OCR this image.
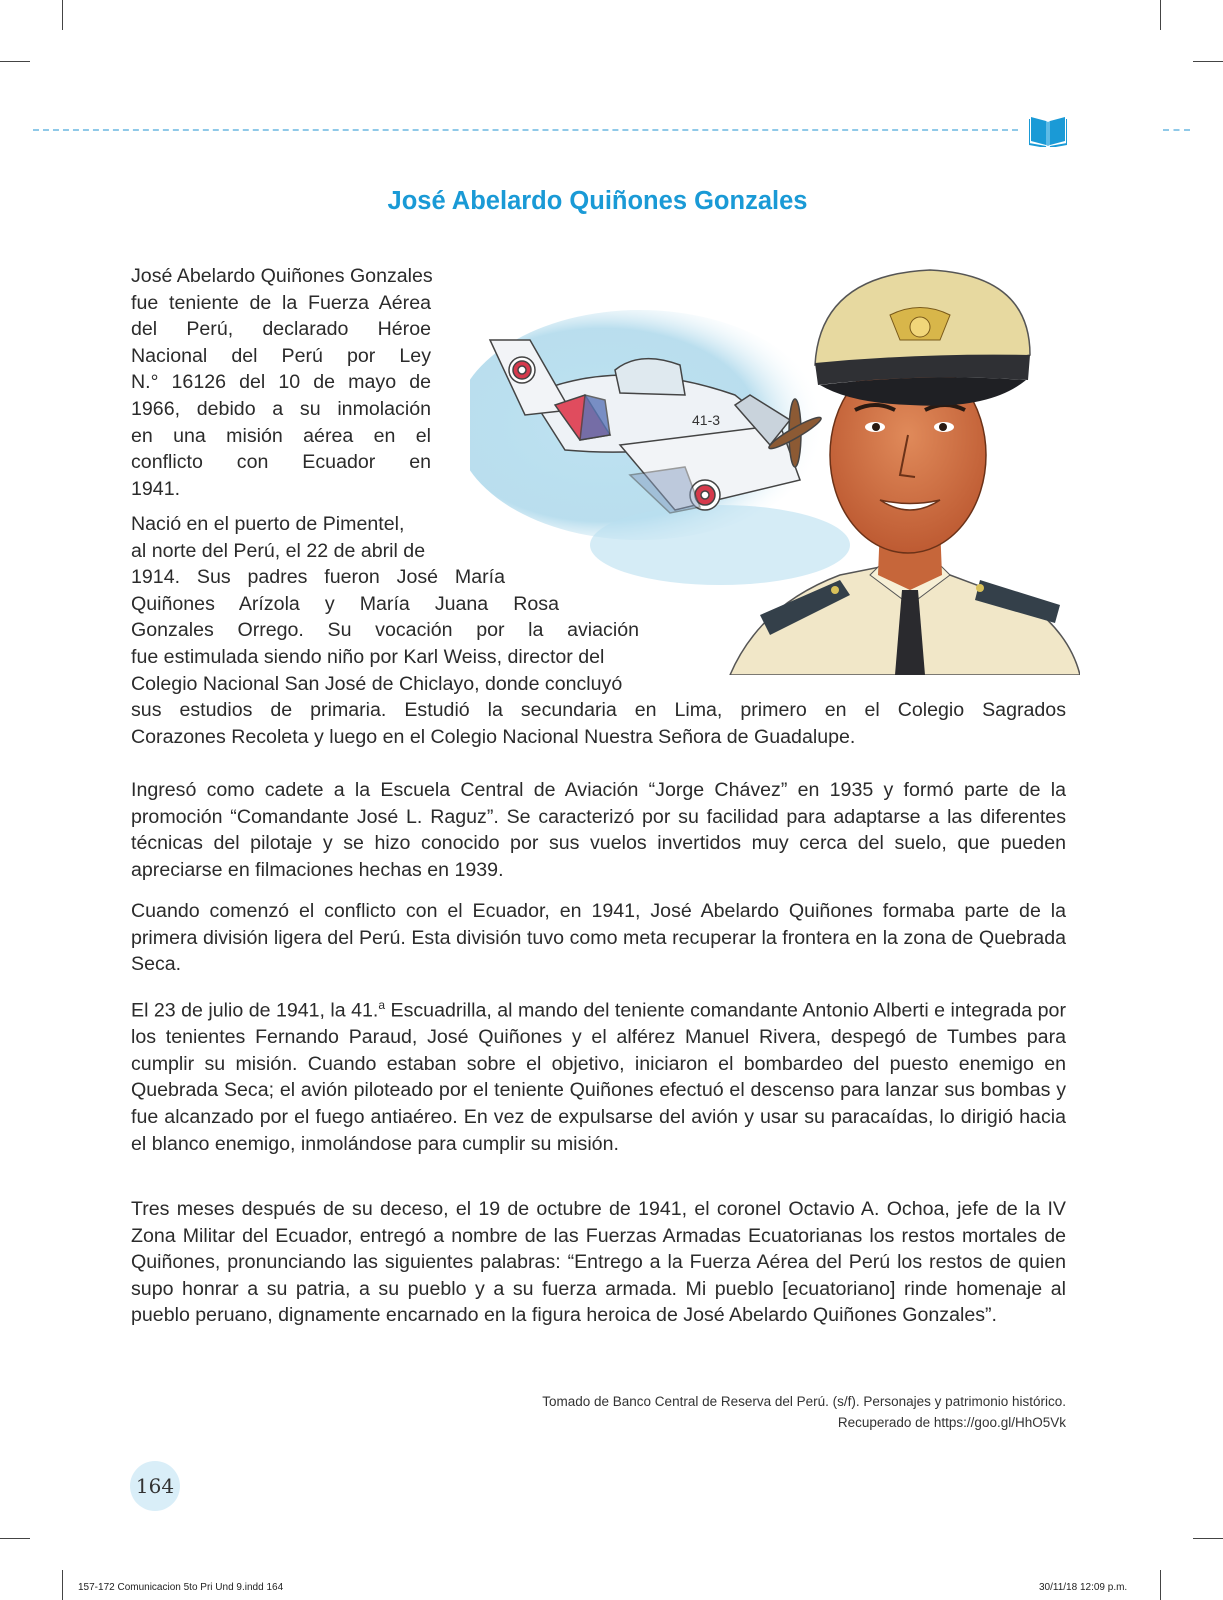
José Abelardo Quiñones Gonzales
41-3
José Abelardo Quiñones Gonzales
fue teniente de la Fuerza Aérea
del Perú, declarado Héroe
Nacional del Perú por Ley
N.° 16126 del 10 de mayo de
1966, debido a su inmolación
en una misión aérea en el
conflicto con Ecuador en
1941.
Nació en el puerto de Pimentel,
al norte del Perú, el 22 de abril de
1914. Sus padres fueron José María
Quiñones Arízola y María Juana Rosa
Gonzales Orrego. Su vocación por la aviación
fue estimulada siendo niño por Karl Weiss, director del
Colegio Nacional San José de Chiclayo, donde concluyó
sus estudios de primaria. Estudió la secundaria en Lima, primero en el Colegio Sagrados
Corazones Recoleta y luego en el Colegio Nacional Nuestra Señora de Guadalupe.

Ingresó como cadete a la Escuela Central de Aviación “Jorge Chávez” en 1935 y formó parte de la promoción “Comandante José L. Raguz”. Se caracterizó por su facilidad para adaptarse a las diferentes técnicas del pilotaje y se hizo conocido por sus vuelos invertidos muy cerca del suelo, que pueden apreciarse en filmaciones hechas en 1939.

Cuando comenzó el conflicto con el Ecuador, en 1941, José Abelardo Quiñones formaba parte de la primera división ligera del Perú. Esta división tuvo como meta recuperar la frontera en la zona de Quebrada Seca.

El 23 de julio de 1941, la 41.$^a$ Escuadrilla, al mando del teniente comandante Antonio Alberti e integrada por los tenientes Fernando Paraud, José Quiñones y el alférez Manuel Rivera, despegó de Tumbes para cumplir su misión. Cuando estaban sobre el objetivo, iniciaron el bombardeo del puesto enemigo en Quebrada Seca; el avión piloteado por el teniente Quiñones efectuó el descenso para lanzar sus bombas y fue alcanzado por el fuego antiaéreo. En vez de expulsarse del avión y usar su paracaídas, lo dirigió hacia el blanco enemigo, inmolándose para cumplir su misión.

Tres meses después de su deceso, el 19 de octubre de 1941, el coronel Octavio A. Ochoa, jefe de la IV Zona Militar del Ecuador, entregó a nombre de las Fuerzas Armadas Ecuatorianas los restos mortales de Quiñones, pronunciando las siguientes palabras: “Entrego a la Fuerza Aérea del Perú los restos de quien supo honrar a su patria, a su pueblo y a su fuerza armada. Mi pueblo [ecuatoriano] rinde homenaje al pueblo peruano, dignamente encarnado en la figura heroica de José Abelardo Quiñones Gonzales”.

Tomado de Banco Central de Reserva del Perú. (s/f). Personajes y patrimonio histórico.
Recuperado de https://goo.gl/HhO5Vk
164
157-172 Comunicacion 5to Pri Und 9.indd 164	30/11/18 12:09 p.m.
